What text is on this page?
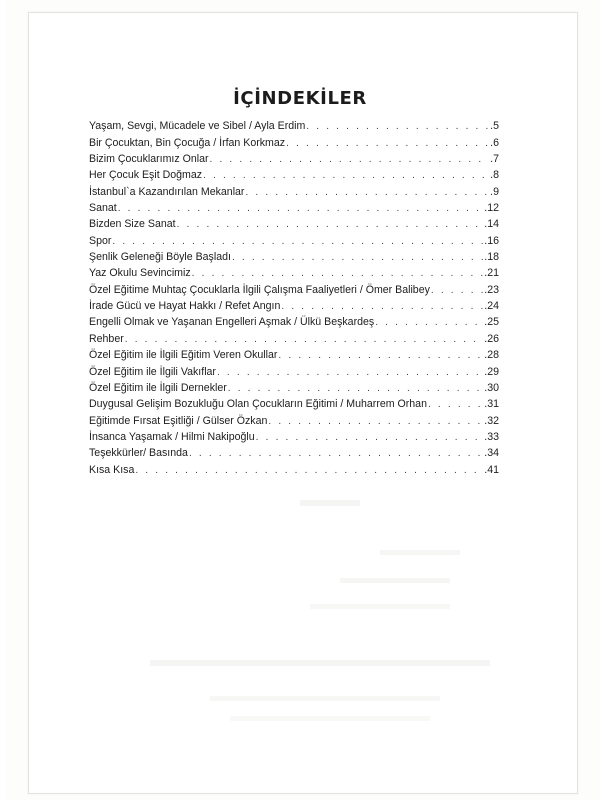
İÇİNDEKİLER
Yaşam, Sevgi, Mücadele ve Sibel / Ayla Erdim . . .	.5
Bir Çocuktan, Bin Çocuğa / İrfan Korkmaz . . .	.6
Bizim Çocuklarımız Onlar . . .	.7
Her Çocuk Eşit Doğmaz . . .	.8
İstanbul`a Kazandırılan Mekanlar . . .	.9
Sanat . . .	.12
Bizden Size Sanat . . .	.14
Spor . . .	.16
Şenlik Geleneği Böyle Başladı . . .	.18
Yaz Okulu Sevincimiz . . .	.21
Özel Eğitime Muhtaç Çocuklarla İlgili Çalışma Faaliyetleri / Ömer Balibey . . .	.23
İrade Gücü ve Hayat Hakkı / Refet Angın . . .	.24
Engelli Olmak ve Yaşanan Engelleri Aşmak / Ülkü Beşkardeş . . .	.25
Rehber . . .	.26
Özel Eğitim ile İlgili Eğitim Veren Okullar . . .	.28
Özel Eğitim ile İlgili Vakıflar . . .	.29
Özel Eğitim ile İlgili Dernekler . . .	.30
Duygusal Gelişim Bozukluğu Olan Çocukların Eğitimi / Muharrem Orhan . . .	.31
Eğitimde Fırsat Eşitliği / Gülser Özkan . . .	.32
İnsanca Yaşamak / Hilmi Nakipoğlu . . .	.33
Teşekkürler/ Basında . . .	.34
Kısa Kısa . . .	.41
